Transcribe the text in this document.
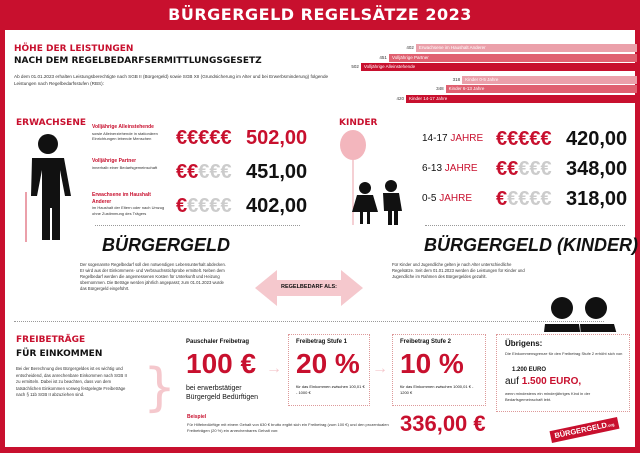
BÜRGERGELD REGELSÄTZE 2023
HÖHE DER LEISTUNGEN
NACH DEM REGELBEDARFSERMITTLUNGSGESETZ
Ab dem 01.01.2023 erhalten Leistungsberechtigte nach SGB II (Bürgergeld) sowie SGB XII (Grundsicherung im Alter und bei Erwerbsminderung) folgende Leistungen nach Regelbedarfsstufen (RBS):
Erwachsene im Haushalt Anderer
402
Volljährige Partner
451
Volljährige Alleinstehende
502
Kinder 0-5 Jahre
318
Kinder 6-13 Jahre
348
Kinder 14-17 Jahre
420
ERWACHSENE Volljährige Alleinstehende
sowie Alleinerziehende in stationären Einrichtungen lebende Menschen	€€€€€ 502,00
Volljährige Partner
innerhalb einer Bedarfsgemeinschaft €€€€€ 451,00
Erwachsene im Haushalt Anderer
im Haushalt der Eltern oder nach Umzug ohne Zustimmung des Trägers	€€€€€ 402,00
BÜRGERGELD
Der sogenannte Regelbedarf soll den notwendigen Lebensunterhalt abdecken. Er wird aus der Einkommens- und Verbrauchsstichprobe ermittelt. Neben dem Regelbedarf werden die angemessenen Kosten für Unterkunft und Heizung übernommen. Die Beträge werden jährlich angepasst; zum 01.01.2023 wurde das Bürgergeld eingeführt.
KINDER
14-17 JAHRE €€€€€ 420,00
6-13 JAHRE €€€€€ 348,00
0-5 JAHRE €€€€€ 318,00
BÜRGERGELD (KINDER)
Für Kinder und Jugendliche gelten je nach Alter unterschiedliche Regelsätze. Seit dem 01.01.2023 werden die Leistungen für Kinder und Jugendliche im Rahmen des Bürgergeldes gezahlt.
REGELBEDARF ALS:
FREIBETRÄGE
FÜR EINKOMMEN
Bei der Berechnung des Bürgergeldes ist es wichtig und entscheidend, das anrechenbare Einkommen nach SGB II zu ermitteln. Dabei ist zu beachten, dass von dem tatsächlichen Einkommen vorweg festgelegte Freibeträge nach § 11b SGB II abzuziehen sind.	}
Pauschaler Freibetrag
100 €
bei erwerbstätiger Bürgergeld Bedürftigen
Freibetrag Stufe 1
20 %
für das Einkommen zwischen 100,01 € - 1000 €
Freibetrag Stufe 2
10 %
für das Einkommen zwischen 1000,01 € - 1200 €
→	→
Beispiel
Für Hilfebedürftige mit einem Gehalt von 630 € brutto ergibt sich ein Freibetrag (zum 100 €) und den prozentualen Freibeträgen (20 %) ein anrechenbares Gehalt von:	336,00 €
Übrigens:
Die Einkommensgrenze für den Freibetrag Stufe 2 erhöht sich von
1.200 EURO
auf 1.500 EURO,
wenn mindestens ein minderjähriges Kind in der Bedarfsgemeinschaft lebt.
BÜRGERGELD.org
